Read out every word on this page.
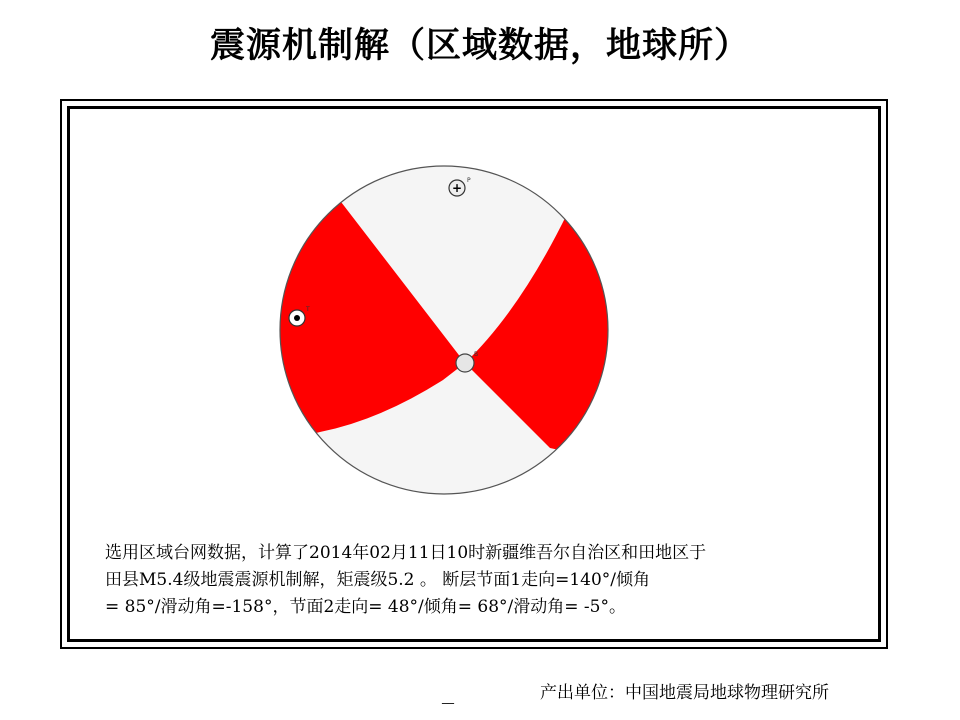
震源机制解（区域数据，地球所）
+
P
T
B
选用区域台网数据，计算了2014年02月11日10时新疆维吾尔自治区和田地区于
田县M5.4级地震震源机制解，矩震级5.2 。 断层节面1走向=140°/倾角
= 85°/滑动角=-158°，节面2走向= 48°/倾角= 68°/滑动角= -5°。
产出单位：中国地震局地球物理研究所
__
